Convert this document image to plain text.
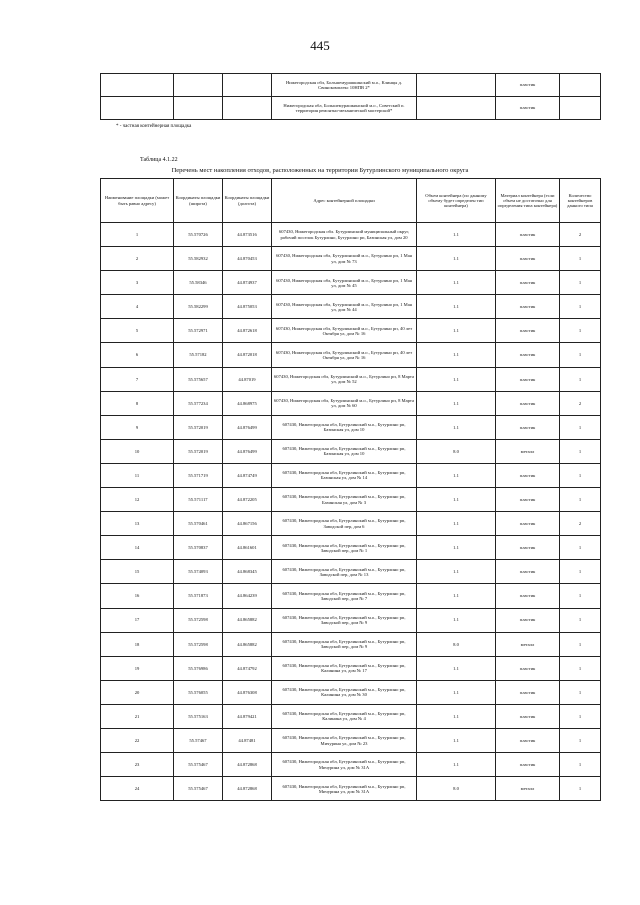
445
			Нижегородская обл, Большемурашкинский м.о., Клинцы д. Свинокомплекс 10НПВ 2*		пластик	
			Нижегородская обл, Большемурашкинский м.о., Советский п. территория ремонтно-механической мастерской*		пластик	
* - частная контейнерная площадка
Таблица 4.1.22
Перечень мест накопления отходов, расположенных на территории Бутурлинского муниципального округа
Наименование площадки (может быть равно адресу)	Координаты площадки (широта)	Координаты площадки (долгота)	Адрес контейнерной площадки	Объем контейнера (по данному объему будет определен тип контейнера)	Материал контейнера (если объем не достаточно для определения типа контейнера)	Количество контейнеров данного типа
1	55.570726	44.873516	607430, Нижегородская обл. Бутурлинский муниципальный округ, рабочий поселок Бутурлино, Бутурлино рп, Базинская ул, дом 20	1.1	пластик	2
2	55.582932	44.870453	607430, Нижегородская обл, Бутурлинский м.о., Бутурлино рп, 1 Мая ул, дом № 73	1.1	пластик	1
3	55.58346	44.874937	607430, Нижегородская обл, Бутурлинский м.о., Бутурлино рп, 1 Мая ул, дом № 45	1.1	пластик	1
4	55.582299	44.875053	607430, Нижегородская обл, Бутурлинский м.о., Бутурлино рп, 1 Мая ул, дом № 44	1.1	пластик	1
5	55.572971	44.872618	607430, Нижегородская обл, Бутурлинский м.о., Бутурлино рп, 40 лет Октября ул, дом № 16	1.1	пластик	1
6	55.57182	44.872018	607430, Нижегородская обл, Бутурлинский м.о., Бутурлино рп, 40 лет Октября ул, дом № 16	1.1	пластик	1
7	55.575657	44.87019	607430, Нижегородская обл, Бутурлинский м.о., Бутурлино рп, 8 Марта ул, дом № 52	1.1	пластик	1
8	55.577234	44.868975	607430, Нижегородская обл, Бутурлинский м.о., Бутурлино рп, 8 Марта ул, дом № 60	1.1	пластик	2
9	55.572019	44.876499	607430, Нижегородская обл, Бутурлинский м.о., Бутурлино рп, Базинская ул, дом 10	1.1	пластик	1
10	55.572019	44.876499	607430, Нижегородская обл, Бутурлинский м.о., Бутурлино рп, Базинская ул, дом 10	8.0	металл	1
11	55.571719	44.874749	607430, Нижегородская обл, Бутурлинский м.о., Бутурлино рп, Базинская ул, дом № 14	1.1	пластик	1
12	55.571117	44.872205	607430, Нижегородская обл, Бутурлинский м.о., Бутурлино рп, Базинская ул, дом № 3	1.1	пластик	1
13	55.570461	44.867156	607430, Нижегородская обл, Бутурлинский м.о., Бутурлино рп, Заводской пер, дом 6	1.1	пластик	2
14	55.570837	44.861601	607430, Нижегородская обл, Бутурлинский м.о., Бутурлино рп, Заводской пер, дом № 1	1.1	пластик	1
15	55.574093	44.868345	607430, Нижегородская обл, Бутурлинский м.о., Бутурлино рп, Заводской пер, дом № 13	1.1	пластик	1
16	55.571873	44.864239	607430, Нижегородская обл, Бутурлинский м.о., Бутурлино рп, Заводской пер, дом № 7	1.1	пластик	1
17	55.572598	44.865882	607430, Нижегородская обл, Бутурлинский м.о., Бутурлино рп, Заводской пер, дом № 9	1.1	пластик	1
18	55.572598	44.865882	607430, Нижегородская обл, Бутурлинский м.о., Бутурлино рп, Заводской пер, дом № 9	8.0	металл	1
19	55.576986	44.874792	607430, Нижегородская обл, Бутурлинский м.о., Бутурлино рп, Калинина ул, дом № 17	1.1	пластик	1
20	55.576055	44.876308	607430, Нижегородская обл, Бутурлинский м.о., Бутурлино рп, Калинина ул, дом № 30	1.1	пластик	1
21	55.575163	44.879421	607430, Нижегородская обл, Бутурлинский м.о., Бутурлино рп, Калинина ул, дом № 4	1.1	пластик	1
22	55.57467	44.87481	607430, Нижегородская обл, Бутурлинский м.о., Бутурлино рп, Мичурина ул, дом № 23	1.1	пластик	1
23	55.575467	44.872868	607430, Нижегородская обл, Бутурлинский м.о., Бутурлино рп, Мичурина ул, дом № 31А	1.1	пластик	1
24	55.575467	44.872868	607430, Нижегородская обл, Бутурлинский м.о., Бутурлино рп, Мичурина ул, дом № 31А	8.0	металл	1
